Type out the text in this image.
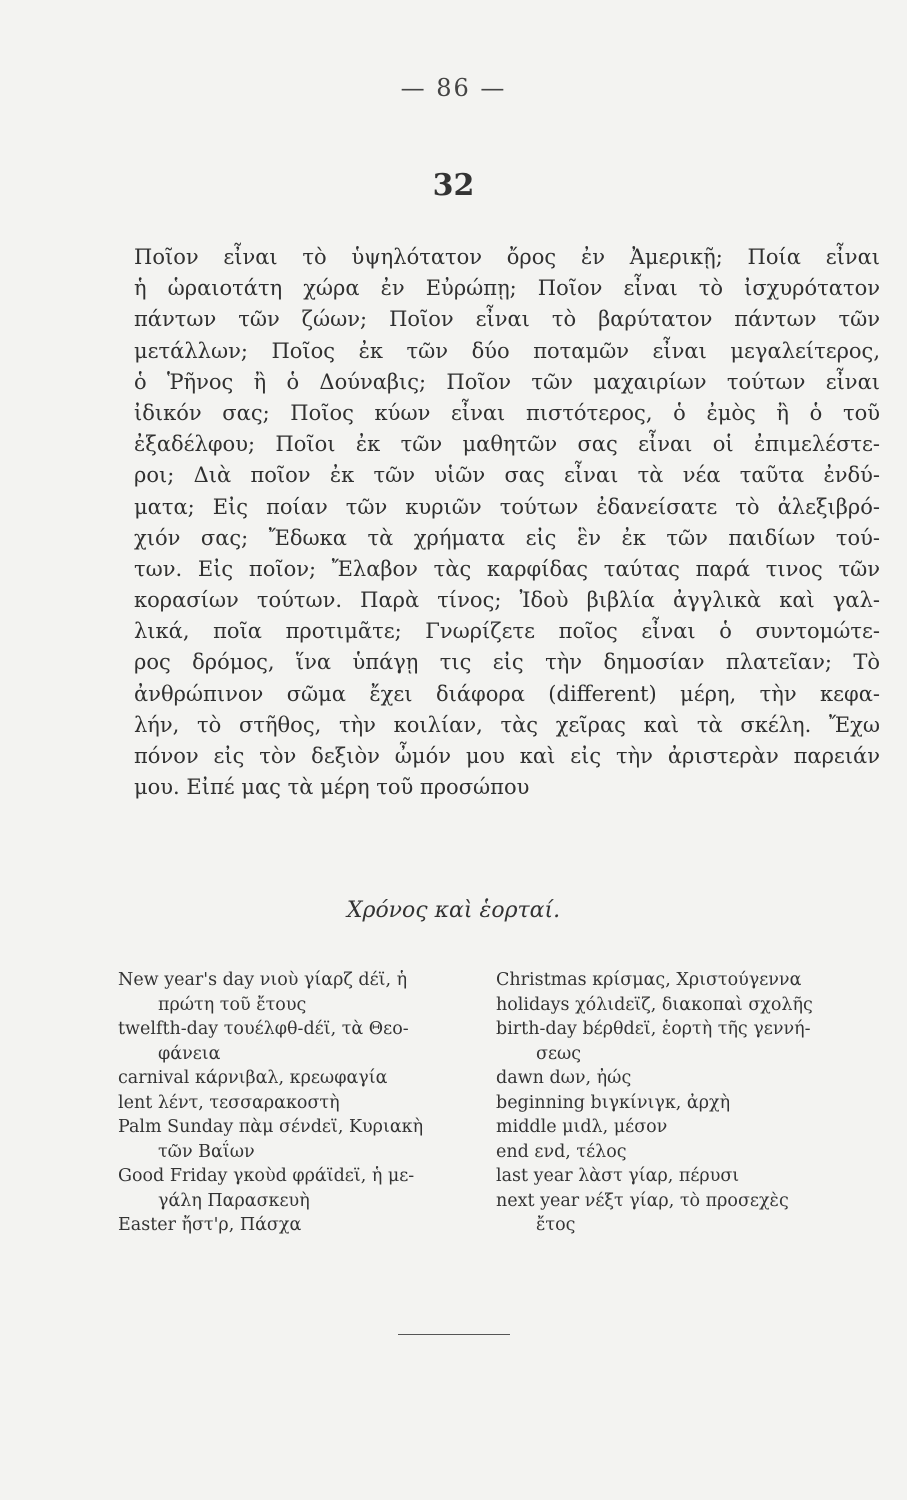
— 86 —
32
Ποῖον εἶναι τὸ ὑψηλότατον ὄρος ἐν Ἀμερικῇ; Ποία εἶναι
ἡ ὡραιοτάτη χώρα ἐν Εὐρώπῃ; Ποῖον εἶναι τὸ ἰσχυρότατον
πάντων τῶν ζώων; Ποῖον εἶναι τὸ βαρύτατον πάντων τῶν
μετάλλων; Ποῖος ἐκ τῶν δύο ποταμῶν εἶναι μεγαλείτερος,
ὁ Ῥῆνος ἢ ὁ Δούναβις; Ποῖον τῶν μαχαιρίων τούτων εἶναι
ἰδικόν σας; Ποῖος κύων εἶναι πιστότερος, ὁ ἐμὸς ἢ ὁ τοῦ
ἐξαδέλφου; Ποῖοι ἐκ τῶν μαθητῶν σας εἶναι οἱ ἐπιμελέστε-
ροι; Διὰ ποῖον ἐκ τῶν υἱῶν σας εἶναι τὰ νέα ταῦτα ἐνδύ-
ματα; Εἰς ποίαν τῶν κυριῶν τούτων ἐδανείσατε τὸ ἀλεξιβρό-
χιόν σας; Ἔδωκα τὰ χρήματα εἰς ἓν ἐκ τῶν παιδίων τού-
των. Εἰς ποῖον; Ἔλαβον τὰς καρφίδας ταύτας παρά τινος τῶν
κορασίων τούτων. Παρὰ τίνος; Ἰδοὺ βιβλία ἀγγλικὰ καὶ γαλ-
λικά, ποῖα προτιμᾶτε; Γνωρίζετε ποῖος εἶναι ὁ συντομώτε-
ρος δρόμος, ἵνα ὑπάγῃ τις εἰς τὴν δημοσίαν πλατεῖαν; Τὸ
ἀνθρώπινον σῶμα ἔχει διάφορα (different) μέρη, τὴν κεφα-
λήν, τὸ στῆθος, τὴν κοιλίαν, τὰς χεῖρας καὶ τὰ σκέλη. Ἔχω
πόνον εἰς τὸν δεξιὸν ὦμόν μου καὶ εἰς τὴν ἀριστερὰν παρειάν
μου. Εἰπέ μας τὰ μέρη τοῦ προσώπου
Χρόνος καὶ ἑορταί.
New year's day νιοὺ γίαρζ dέϊ, ἡ
πρώτη τοῦ ἔτους
twelfth-day τουέλφθ-dέϊ, τὰ Θεο-
φάνεια
carnival κάρνιβαλ, κρεωφαγία
lent λέντ, τεσσαρακοστὴ
Palm Sunday πὰμ σένdεϊ, Κυριακὴ
τῶν Βαΐων
Good Friday γκοὺd φράϊdεϊ, ἡ με-
γάλη Παρασκευὴ
Easter ἤστ'ρ, Πάσχα
Christmas κρίσμας, Χριστούγεννα
holidays χόλιdεϊζ, διακοπαὶ σχολῆς
birth-day bέρθdεϊ, ἑορτὴ τῆς γεννή-
σεως
dawn dων, ἠώς
beginning bιγκίνιγκ, ἀρχὴ
middle μιdλ, μέσον
end ενd, τέλος
last year λὰστ γίαρ, πέρυσι
next year νέξτ γίαρ, τὸ προσεχὲς
ἔτος
